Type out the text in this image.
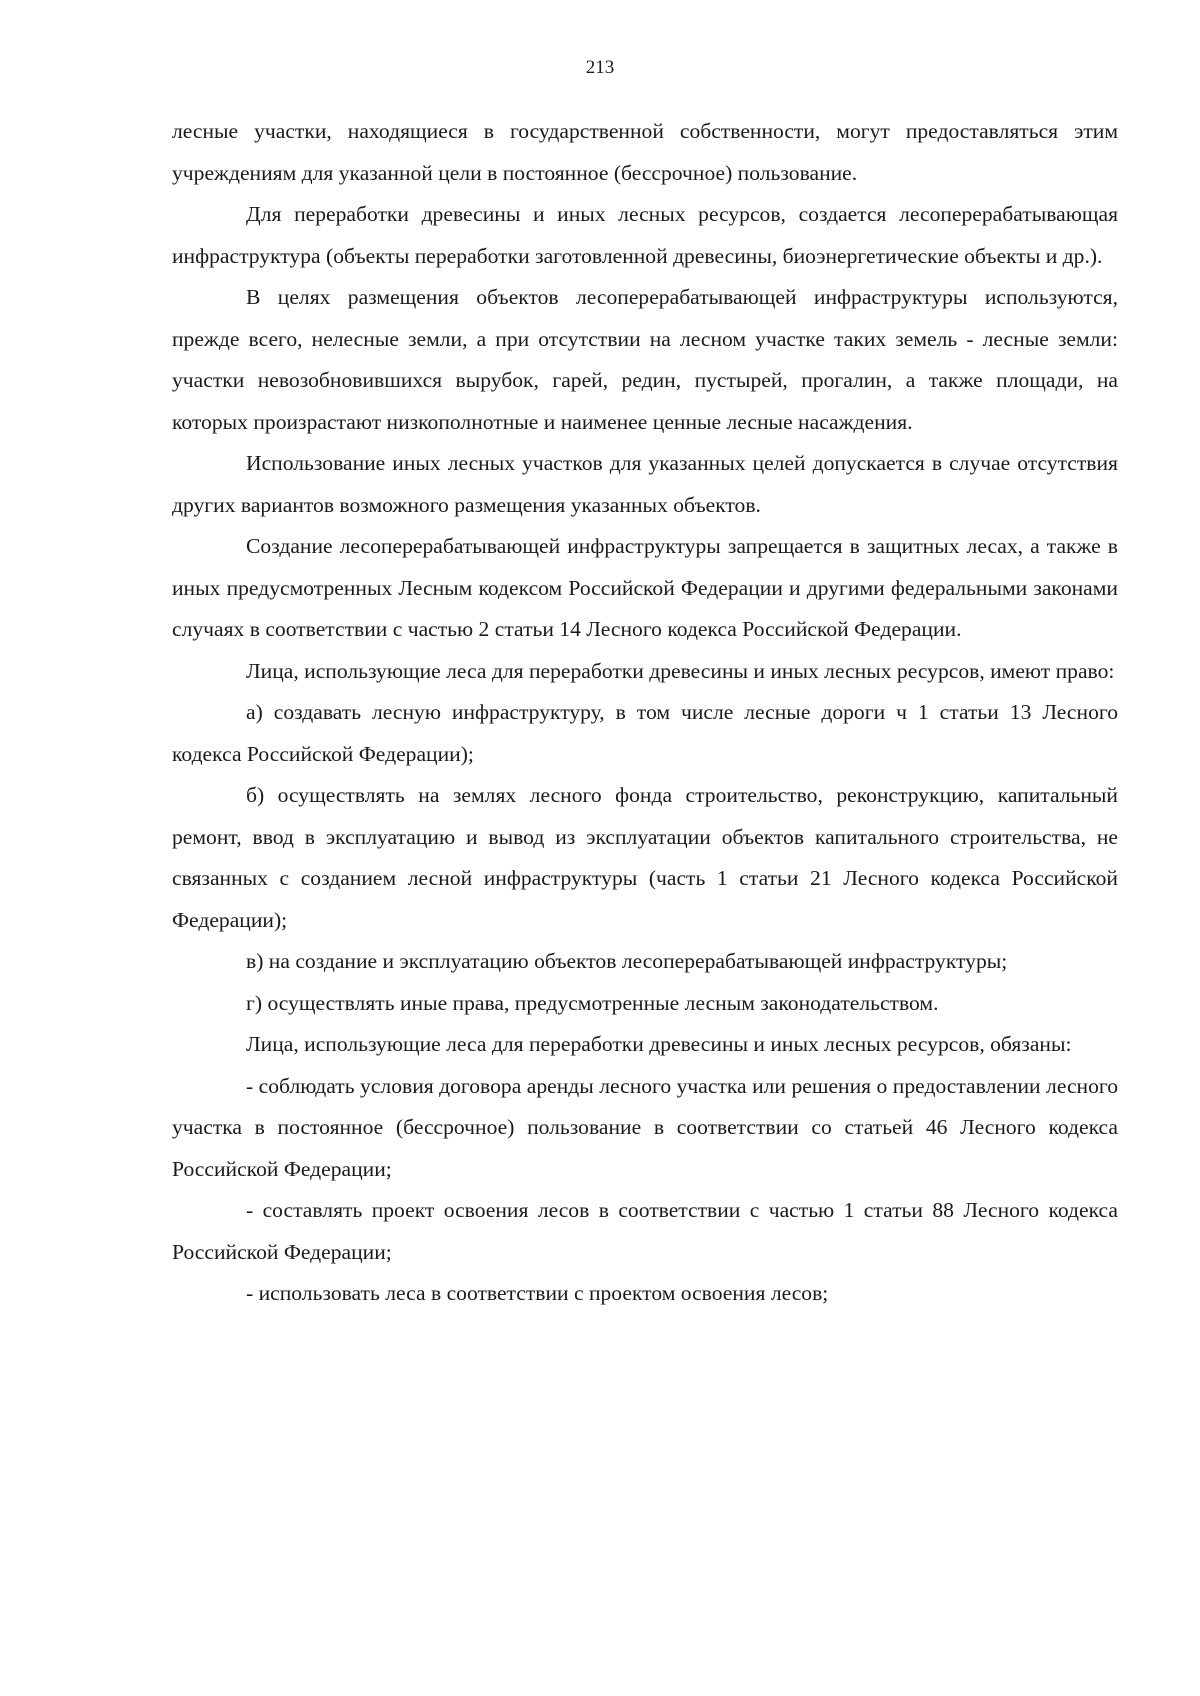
213

лесные участки, находящиеся в государственной собственности, могут предоставляться этим учреждениям для указанной цели в постоянное (бессрочное) пользование.

Для переработки древесины и иных лесных ресурсов, создается лесоперерабатывающая инфраструктура (объекты переработки заготовленной древесины, биоэнергетические объекты и др.).

В целях размещения объектов лесоперерабатывающей инфраструктуры используются, прежде всего, нелесные земли, а при отсутствии на лесном участке таких земель - лесные земли: участки невозобновившихся вырубок, гарей, редин, пустырей, прогалин, а также площади, на которых произрастают низкополнотные и наименее ценные лесные насаждения.

Использование иных лесных участков для указанных целей допускается в случае отсутствия других вариантов возможного размещения указанных объектов.

Создание лесоперерабатывающей инфраструктуры запрещается в защитных лесах, а также в иных предусмотренных Лесным кодексом Российской Федерации и другими федеральными законами случаях в соответствии с частью 2 статьи 14 Лесного кодекса Российской Федерации.

Лица, использующие леса для переработки древесины и иных лесных ресурсов, имеют право:

а) создавать лесную инфраструктуру, в том числе лесные дороги ч 1 статьи 13 Лесного кодекса Российской Федерации);

б) осуществлять на землях лесного фонда строительство, реконструкцию, капитальный ремонт, ввод в эксплуатацию и вывод из эксплуатации объектов капитального строительства, не связанных с созданием лесной инфраструктуры (часть 1 статьи 21 Лесного кодекса Российской Федерации);

в) на создание и эксплуатацию объектов лесоперерабатывающей инфраструктуры;

г) осуществлять иные права, предусмотренные лесным законодательством.

Лица, использующие леса для переработки древесины и иных лесных ресурсов, обязаны:

- соблюдать условия договора аренды лесного участка или решения о предоставлении лесного участка в постоянное (бессрочное) пользование в соответствии со статьей 46 Лесного кодекса Российской Федерации;

- составлять проект освоения лесов в соответствии с частью 1 статьи 88 Лесного кодекса Российской Федерации;

- использовать леса в соответствии с проектом освоения лесов;
